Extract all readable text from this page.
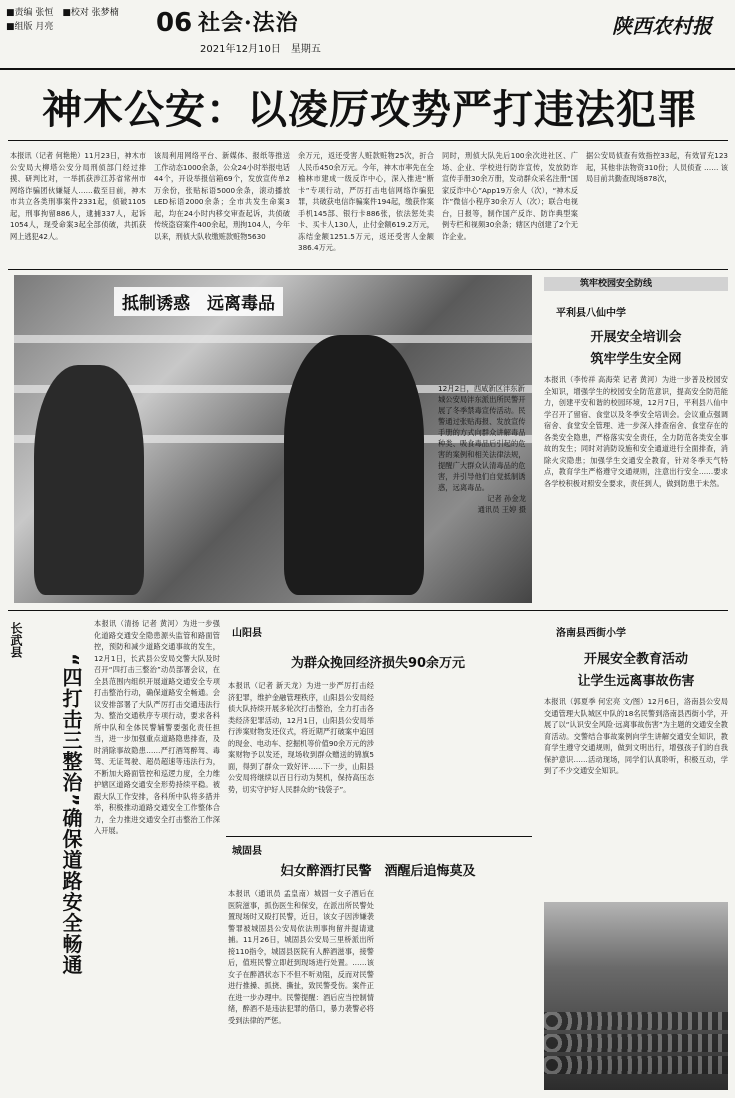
■责编 张恒　■校对 张梦楠
■组版 月亮	06 社会·法治
2021年12月10日　星期五
陕西农村报
神木公安：以凌厉攻势严打违法犯罪
本报讯（记者 何艳艳）11月23日，神木市公安局大柳塔公安分局刑侦部门经过排摸、研判比对，一举抓获涉江苏省常州市网络诈骗团伙嫌疑人……截至目前，神木市共立各类刑事案件2331起，侦破1105起，刑事拘留886人，逮捕337人，起诉1054人，现受命案3起全部侦破，共抓获网上逃犯42人。
该局利用网络平台、新媒体、报纸等推送工作动态1000余条，公众24小时举报电话44个，开设举报信箱69个，发放宣传单2万余份，张贴标语5000余条，滚动播放LED标语2000余条；全市共发生命案3起，均在24小时内移交审查起诉，共侦破传统盗窃案件400余起，刑拘104人，今年以来，刑侦大队收缴赃款赃物5630
余万元，返还受害人赃款赃物25次，折合人民币450余万元。今年，神木市率先在全榆林市建成一级反诈中心，深入推进“断卡”专项行动，严厉打击电信网络诈骗犯罪，共破获电信诈骗案件194起，缴获作案手机145部、银行卡886张，依法惩处卖卡、买卡人130人，止付金额619.2万元，冻结金额1251.5万元，返还受害人金额386.4万元。
同时，刑侦大队先后100余次进社区、广场、企业、学校进行防诈宣传，发放防诈宣传手册30余万册，发动群众采名注册“国家反诈中心”App19万余人（次），“神木反诈”微信小程序30余万人（次）；联合电视台，日报等，制作国产反诈、防诈典型案例专栏和视频30余条；辖区内创建了2个无诈企业。
据公安局侦查有效指控33起，有效冒充123起，其他非法物资310份；人员侦查 …… 该局目前共勤查现场878次，
抵制诱惑　远离毒品
12月2日，西咸新区沣东新城公安局沣东派出所民警开展了冬季禁毒宣传活动。民警通过张贴海报、发放宣传手册的方式向群众讲解毒品种类、吸食毒品后引起的危害的案例和相关法律法规，提醒广大群众认清毒品的危害，并引导他们自觉抵制诱惑，远离毒品。

记者 孙金龙
通讯员 王婷 摄
筑牢校园安全防线
平利县八仙中学
开展安全培训会
筑牢学生安全网
本报讯（李传祥 高海荣 记者 黄河）为进一步普及校园安全知识，增强学生的校园安全防范意识，提高安全防范能力，创建平安和谐的校园环境，12月7日，平利县八仙中学召开了留宿、食堂以及冬季安全培训会。会议重点强调宿舍、食堂安全管理、进一步深入排查宿舍、食堂存在的各类安全隐患，严格落实安全责任，全力防范各类安全事故的发生；同时对消防设施和安全通道进行全面排查，消除火灾隐患；加强学生交通安全教育，针对冬季天气特点，教育学生严格遵守交通规则，注意出行安全……要求各学校积极对照安全要求，责任到人，做到防患于未然。
长武县
“四打击三整治”确保道路安全畅通
本报讯（清扬 记者 黄河）为进一步强化道路交通安全隐患源头监管和路面管控，预防和减少道路交通事故的发生，12月1日，长武县公安局交警大队及时召开“四打击三整治”动员部署会议，在全县范围内组织开展道路交通安全专项打击整治行动，确保道路安全畅通。会议安排部署了大队严厉打击交通违法行为、整治交通秩序专项行动，要求各科所中队和全体民警辅警要强化责任担当，进一步加强重点道路隐患排查，及时消除事故隐患……严打酒驾醉驾、毒驾、无证驾驶、超员超速等违法行为，不断加大路面管控和巡逻力度，全力维护辖区道路交通安全形势持续平稳。被跟大队工作安排，各科所中队将多措并举，积极推动道路交通安全工作整体合力，全力推进交通安全打击整治工作深入开展。
山阳县
为群众挽回经济损失90余万元
本报讯（记者 新天龙）为进一步严厉打击经济犯罪，维护金融管理秩序，山阳县公安局经侦大队持续开展多轮次打击整治，全力打击各类经济犯罪活动，12月1日，山阳县公安局举行涉案财物发还仪式，将近期严打破案中追回的现金、电动车、挖掘机等价值90余万元的涉案财物予以发还，现场收到群众赠送的锦旗5面，得到了群众一致好评……下一步，山阳县公安局将继续以百日行动为契机，保持高压态势，切实守护好人民群众的“钱袋子”。
城固县
妇女醉酒打民警　酒醒后追悔莫及
本报讯（通讯员 孟皇南）城固一女子酒后在医院滋事，抓伤医生和保安，在派出所民警处置现场时又殴打民警，近日，该女子因涉嫌袭警罪被城固县公安局依法刑事拘留并提请逮捕。11月26日，城固县公安局三里桥派出所接110指令，城固县医院有人醉酒滋事，接警后，值班民警立即赶到现场进行处置。……该女子在醉酒状态下不但不听劝阻，反而对民警进行推搡、抓挠、撕扯，致民警受伤。案件正在进一步办理中。民警提醒：酒后应当控制情绪，醉酒不是违法犯罪的借口，暴力袭警必将受到法律的严惩。
洛南县西街小学
开展安全教育活动
让学生远离事故伤害
本报讯（郭夏季 何宏亮 文/图）12月6日，洛南县公安局交通管理大队城区中队的18名民警到洛南县西街小学，开展了以“认识安全风险·远离事故伤害”为主题的交通安全教育活动。交警结合事故案例向学生讲解交通安全知识，教育学生遵守交通规则，做到文明出行，增强孩子们的自我保护意识……活动现场，同学们认真聆听，积极互动，学到了不少交通安全知识。
